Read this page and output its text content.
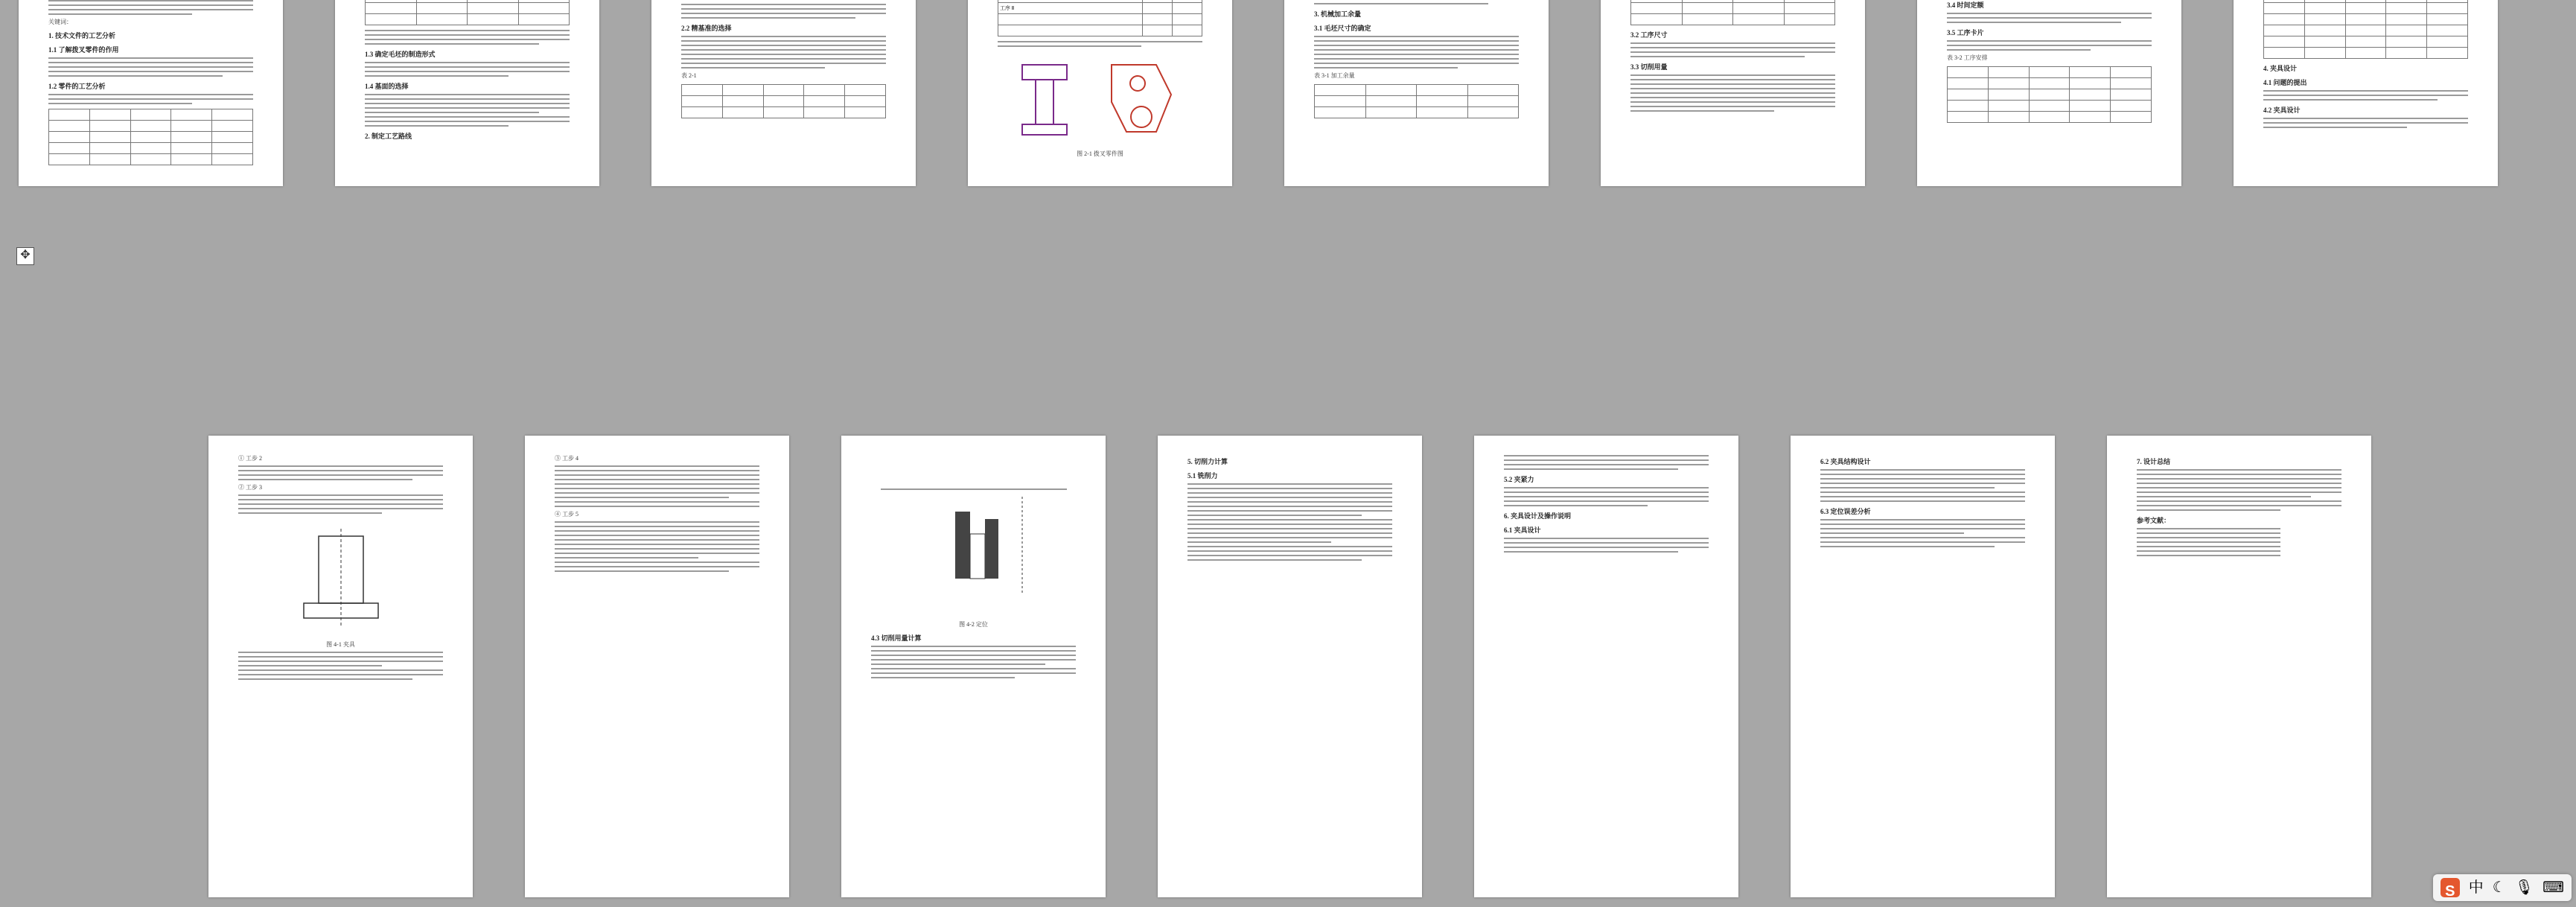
关键词：
1. 技术文件的工艺分析
1.1 了解拨叉零件的作用
1.2 零件的工艺分析

1.3 确定毛坯的制造形式
1.4 基面的选择
2. 制定工艺路线
2.2 精基准的选择
表 2-1

工序 Ⅱ		

图 2-1 拨叉零件图
3. 机械加工余量
3.1 毛坯尺寸的确定
表 3-1 加工余量

3.2 工序尺寸
3.3 切削用量
3.4 时间定额
3.5 工序卡片
表 3-2 工序安排

4. 夹具设计
4.1 问题的提出
4.2 夹具设计
✥
① 工步 2
② 工步 3
图 4-1 夹具
③ 工步 4
④ 工步 5
图 4-2 定位
4.3 切削用量计算
5. 切削力计算
5.1 铣削力	5.2 夹紧力
6. 夹具设计及操作说明
6.1 夹具设计
6.2 夹具结构设计
6.3 定位误差分析
7. 设计总结
参考文献：
S 中 ☾ 🎙 ⌨
